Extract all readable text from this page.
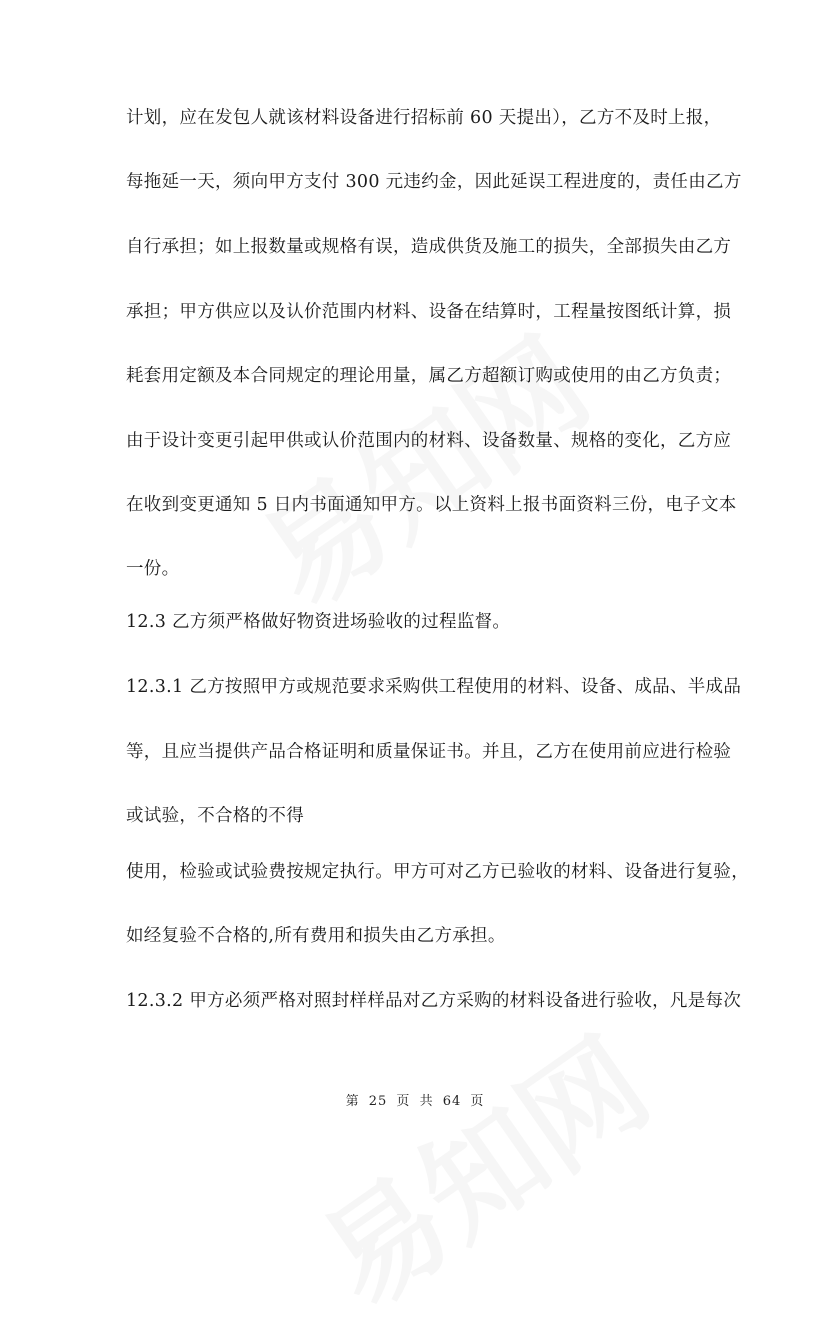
计划，应在发包人就该材料设备进行招标前 60 天提出），乙方不及时上报，
每拖延一天，须向甲方支付 300 元违约金，因此延误工程进度的，责任由乙方
自行承担；如上报数量或规格有误，造成供货及施工的损失，全部损失由乙方
承担；甲方供应以及认价范围内材料、设备在结算时，工程量按图纸计算，损
耗套用定额及本合同规定的理论用量，属乙方超额订购或使用的由乙方负责；
由于设计变更引起甲供或认价范围内的材料、设备数量、规格的变化，乙方应
在收到变更通知 5 日内书面通知甲方。以上资料上报书面资料三份，电子文本
一份。
12.3 乙方须严格做好物资进场验收的过程监督。
12.3.1 乙方按照甲方或规范要求采购供工程使用的材料、设备、成品、半成品
等，且应当提供产品合格证明和质量保证书。并且，乙方在使用前应进行检验
或试验，不合格的不得
使用，检验或试验费按规定执行。甲方可对乙方已验收的材料、设备进行复验，
如经复验不合格的,所有费用和损失由乙方承担。
12.3.2 甲方必须严格对照封样样品对乙方采购的材料设备进行验收，凡是每次
第 25 页 共 64 页
